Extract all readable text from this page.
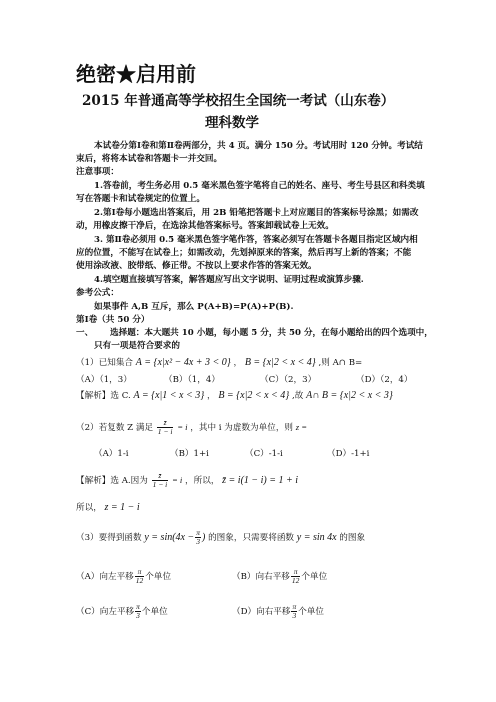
绝密★启用前
2015 年普通高等学校招生全国统一考试（山东卷）
理科数学
本试卷分第Ⅰ卷和第Ⅱ卷两部分，共 4 页。满分 150 分。考试用时 120 分钟。考试结
束后，将将本试卷和答题卡一并交回。
注意事项：
1.答卷前，考生务必用 0.5 毫米黑色签字笔将自己的姓名、座号、考生号县区和科类填
写在答题卡和试卷规定的位置上。
2.第Ⅰ卷每小题选出答案后，用 2B 铅笔把答题卡上对应题目的答案标号涂黑；如需改
动，用橡皮擦干净后，在选涂其他答案标号。答案卸载试卷上无效。
3. 第Ⅱ卷必须用 0.5 毫米黑色签字笔作答，答案必须写在答题卡各题目指定区域内相
应的位置，不能写在试卷上；如需改动，先划掉原来的答案，然后再写上新的答案；不能
使用涂改液、胶带纸、修正带。不按以上要求作答的答案无效。
4.填空题直接填写答案，解答题应写出文字说明、证明过程或演算步骤.
参考公式：
如果事件 A,B 互斥，那么 P(A+B)=P(A)+P(B).
第Ⅰ卷（共 50 分）
一、 选择题：本大题共 10 小题，每小题 5 分，共 50 分，在每小题给出的四个选项中，
只有一项是符合要求的
（1）已知集合 A = {x|x² − 4x + 3 < 0} ， B = {x|2 < x < 4} ,则 A∩ B=
（A）（1，3）	（B）（1，4）	（C）（2，3）	（D）（2，4）
【解析】选 C. A = {x|1 < x < 3} ， B = {x|2 < x < 4} ,故 A∩ B = {x|2 < x < 3}
（2）若复数 Z 满足 $\frac{z̄}{1 - i} = i$ ，其中 i 为虚数为单位，则 z =
（A）1-i	（B）1+i	（C）-1-i	（D）-1+i
【解析】选 A.因为 $\frac{z̄}{1 - i} = i$ ，所以， z̄ = i(1 − i) = 1 + i
所以， z = 1 − i
（3）要得到函数 $y = \sin(4x - \frac{\pi}{3}$ ) 的图象，只需要将函数 y = sin 4x 的图象
（A）向左平移 $\frac{\pi}{12}$ 个单位	（B）向右平移 $\frac{\pi}{12}$ 个单位
（C）向左平移 $\frac{\pi}{3}$ 个单位	（D）向右平移 $\frac{\pi}{3}$ 个单位
